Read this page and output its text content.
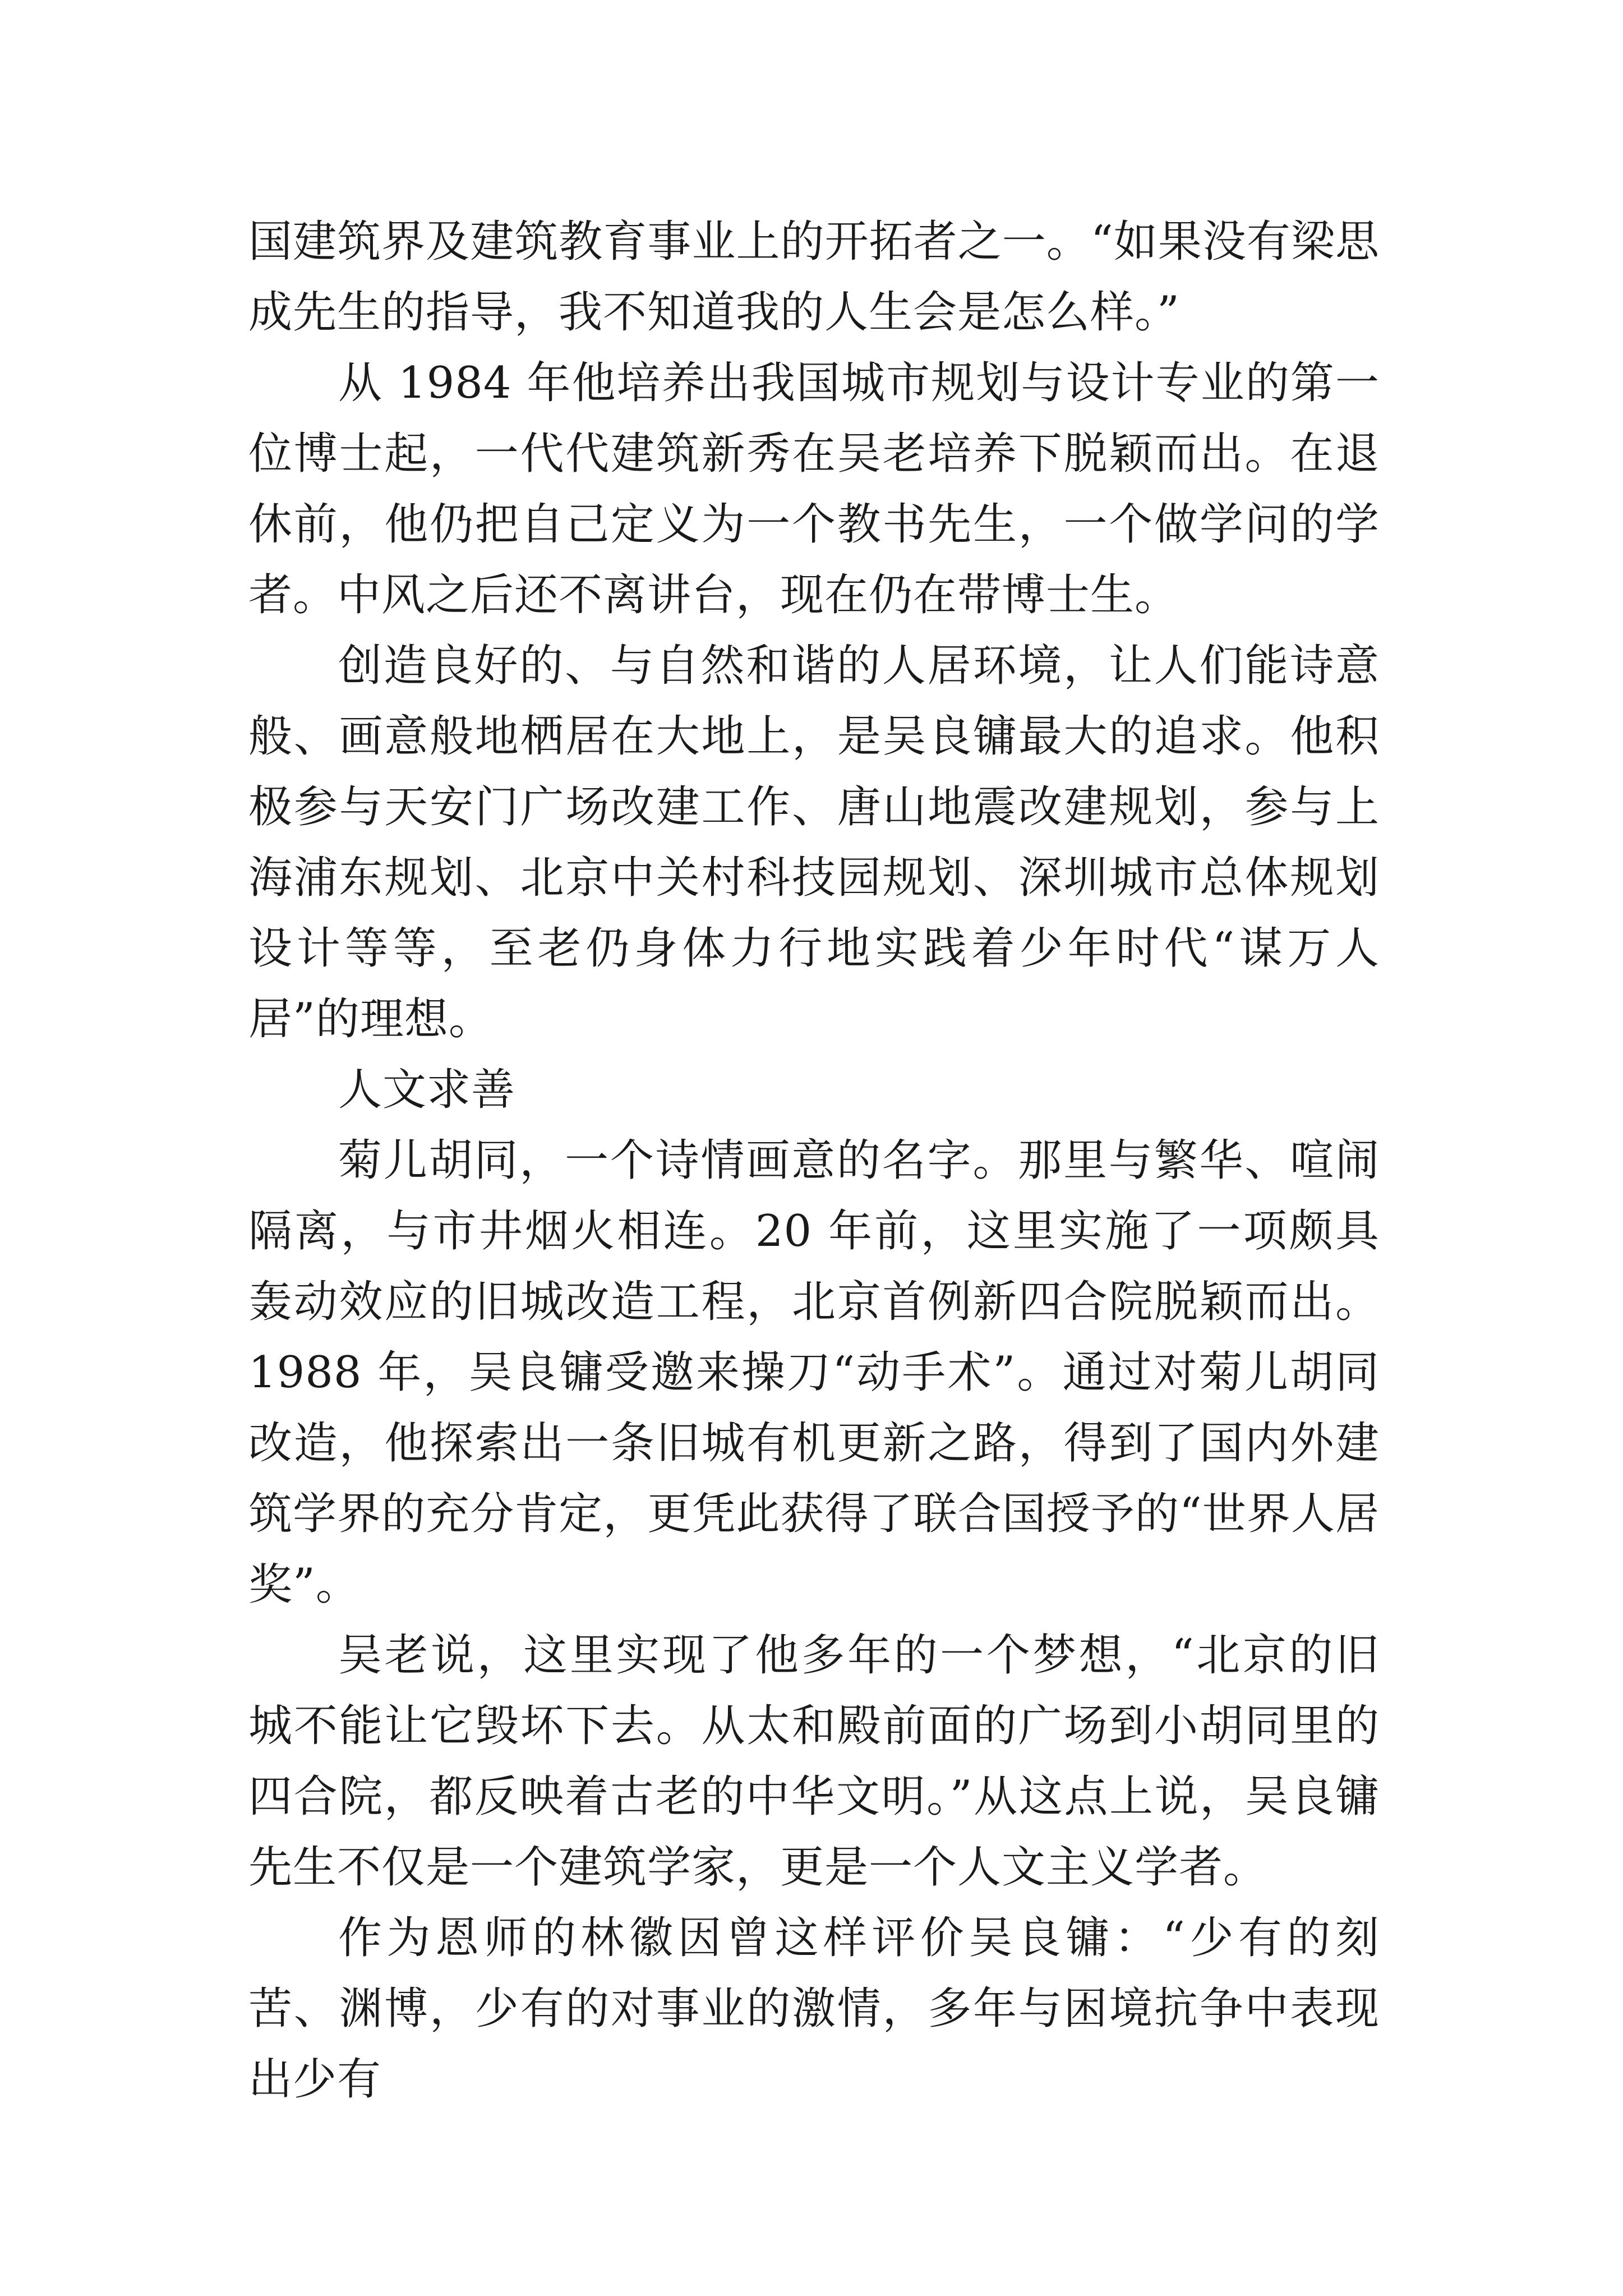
国建筑界及建筑教育事业上的开拓者之一。“如果没有梁思成先生的指导，我不知道我的人生会是怎么样。”

从 1984 年他培养出我国城市规划与设计专业的第一位博士起，一代代建筑新秀在吴老培养下脱颖而出。在退休前，他仍把自己定义为一个教书先生，一个做学问的学者。中风之后还不离讲台，现在仍在带博士生。

创造良好的、与自然和谐的人居环境，让人们能诗意般、画意般地栖居在大地上，是吴良镛最大的追求。他积极参与天安门广场改建工作、唐山地震改建规划，参与上海浦东规划、北京中关村科技园规划、深圳城市总体规划设计等等，至老仍身体力行地实践着少年时代“谋万人居”的理想。

人文求善

菊儿胡同，一个诗情画意的名字。那里与繁华、喧闹隔离，与市井烟火相连。20 年前，这里实施了一项颇具轰动效应的旧城改造工程，北京首例新四合院脱颖而出。1988 年，吴良镛受邀来操刀“动手术”。通过对菊儿胡同改造，他探索出一条旧城有机更新之路，得到了国内外建筑学界的充分肯定，更凭此获得了联合国授予的“世界人居奖”。

吴老说，这里实现了他多年的一个梦想，“北京的旧城不能让它毁坏下去。从太和殿前面的广场到小胡同里的四合院，都反映着古老的中华文明。”从这点上说，吴良镛先生不仅是一个建筑学家，更是一个人文主义学者。

作为恩师的林徽因曾这样评价吴良镛：“少有的刻苦、渊博，少有的对事业的激情，多年与困境抗争中表现出少有
